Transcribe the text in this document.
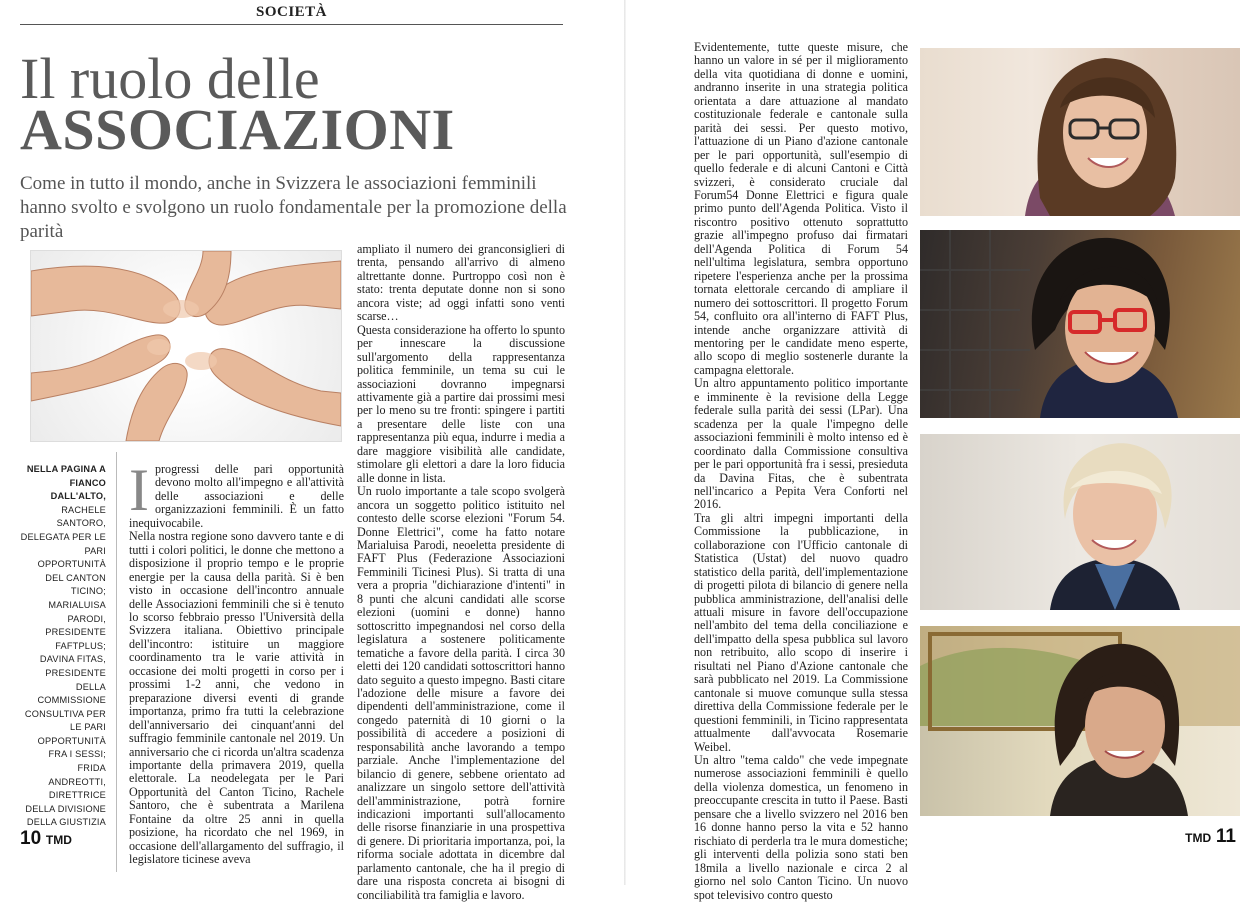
SOCIETÀ
Il ruolo delle
ASSOCIAZIONI

Come in tutto il mondo, anche in Svizzera le associazioni femminili hanno svolto e svolgono un ruolo fondamentale per la promozione della parità

NELLA PAGINA A FIANCO DALL'ALTO, RACHELE SANTORO, DELEGATA PER LE PARI OPPORTUNITÀ DEL CANTON TICINO; MARIALUISA PARODI, PRESIDENTE FAFTPLUS; DAVINA FITAS, PRESIDENTE DELLA COMMISSIONE CONSULTIVA PER LE PARI OPPORTUNITÀ FRA I SESSI; FRIDA ANDREOTTI, DIRETTRICE DELLA DIVISIONE DELLA GIUSTIZIA

I progressi delle pari opportunità devono molto all'impegno e all'attività delle associazioni e delle organizzazioni femminili. È un fatto inequivocabile.

Nella nostra regione sono davvero tante e di tutti i colori politici, le donne che mettono a disposizione il proprio tempo e le proprie energie per la causa della parità. Si è ben visto in occasione dell'incontro annuale delle Associazioni femminili che si è tenuto lo scorso febbraio presso l'Università della Svizzera italiana. Obiettivo principale dell'incontro: istituire un maggiore coordinamento tra le varie attività in occasione dei molti progetti in corso per i prossimi 1-2 anni, che vedono in preparazione diversi eventi di grande importanza, primo fra tutti la celebrazione dell'anniversario dei cinquant'anni del suffragio femminile cantonale nel 2019. Un anniversario che ci ricorda un'altra scadenza importante della primavera 2019, quella elettorale. La neodelegata per le Pari Opportunità del Canton Ticino, Rachele Santoro, che è subentrata a Marilena Fontaine da oltre 25 anni in quella posizione, ha ricordato che nel 1969, in occasione dell'allargamento del suffragio, il legislatore ticinese aveva

ampliato il numero dei granconsiglieri di trenta, pensando all'arrivo di almeno altrettante donne. Purtroppo così non è stato: trenta deputate donne non si sono ancora viste; ad oggi infatti sono venti scarse…

Questa considerazione ha offerto lo spunto per innescare la discussione sull'argomento della rappresentanza politica femminile, un tema su cui le associazioni dovranno impegnarsi attivamente già a partire dai prossimi mesi per lo meno su tre fronti: spingere i partiti a presentare delle liste con una rappresentanza più equa, indurre i media a dare maggiore visibilità alle candidate, stimolare gli elettori a dare la loro fiducia alle donne in lista.

Un ruolo importante a tale scopo svolgerà ancora un soggetto politico istituito nel contesto delle scorse elezioni "Forum 54. Donne Elettrici", come ha fatto notare Marialuisa Parodi, neoeletta presidente di FAFT Plus (Federazione Associazioni Femminili Ticinesi Plus). Si tratta di una vera a propria "dichiarazione d'intenti" in 8 punti che alcuni candidati alle scorse elezioni (uomini e donne) hanno sottoscritto impegnandosi nel corso della legislatura a sostenere politicamente tematiche a favore della parità. I circa 30 eletti dei 120 candidati sottoscrittori hanno dato seguito a questo impegno. Basti citare l'adozione delle misure a favore dei dipendenti dell'amministrazione, come il congedo paternità di 10 giorni o la possibilità di accedere a posizioni di responsabilità anche lavorando a tempo parziale. Anche l'implementazione del bilancio di genere, sebbene orientato ad analizzare un singolo settore dell'attività dell'amministrazione, potrà fornire indicazioni importanti sull'allocamento delle risorse finanziarie in una prospettiva di genere. Di prioritaria importanza, poi, la riforma sociale adottata in dicembre dal parlamento cantonale, che ha il pregio di dare una risposta concreta ai bisogni di conciliabilità tra famiglia e lavoro.

10 TMD

Evidentemente, tutte queste misure, che hanno un valore in sé per il miglioramento della vita quotidiana di donne e uomini, andranno inserite in una strategia politica orientata a dare attuazione al mandato costituzionale federale e cantonale sulla parità dei sessi. Per questo motivo, l'attuazione di un Piano d'azione cantonale per le pari opportunità, sull'esempio di quello federale e di alcuni Cantoni e Città svizzeri, è considerato cruciale dal Forum54 Donne Elettrici e figura quale primo punto dell'Agenda Politica. Visto il riscontro positivo ottenuto soprattutto grazie all'impegno profuso dai firmatari dell'Agenda Politica di Forum 54 nell'ultima legislatura, sembra opportuno ripetere l'esperienza anche per la prossima tornata elettorale cercando di ampliare il numero dei sottoscrittori. Il progetto Forum 54, confluito ora all'interno di FAFT Plus, intende anche organizzare attività di mentoring per le candidate meno esperte, allo scopo di meglio sostenerle durante la campagna elettorale.

Un altro appuntamento politico importante e imminente è la revisione della Legge federale sulla parità dei sessi (LPar). Una scadenza per la quale l'impegno delle associazioni femminili è molto intenso ed è coordinato dalla Commissione consultiva per le pari opportunità fra i sessi, presieduta da Davina Fitas, che è subentrata nell'incarico a Pepita Vera Conforti nel 2016.

Tra gli altri impegni importanti della Commissione la pubblicazione, in collaborazione con l'Ufficio cantonale di Statistica (Ustat) del nuovo quadro statistico della parità, dell'implementazione di progetti pilota di bilancio di genere nella pubblica amministrazione, dell'analisi delle attuali misure in favore dell'occupazione nell'ambito del tema della conciliazione e dell'impatto della spesa pubblica sul lavoro non retribuito, allo scopo di inserire i risultati nel Piano d'Azione cantonale che sarà pubblicato nel 2019. La Commissione cantonale si muove comunque sulla stessa direttiva della Commissione federale per le questioni femminili, in Ticino rappresentata attualmente dall'avvocata Rosemarie Weibel.

Un altro "tema caldo" che vede impegnate numerose associazioni femminili è quello della violenza domestica, un fenomeno in preoccupante crescita in tutto il Paese. Basti pensare che a livello svizzero nel 2016 ben 16 donne hanno perso la vita e 52 hanno rischiato di perderla tra le mura domestiche; gli interventi della polizia sono stati ben 18mila a livello nazionale e circa 2 al giorno nel solo Canton Ticino. Un nuovo spot televisivo contro questo

TMD 11
